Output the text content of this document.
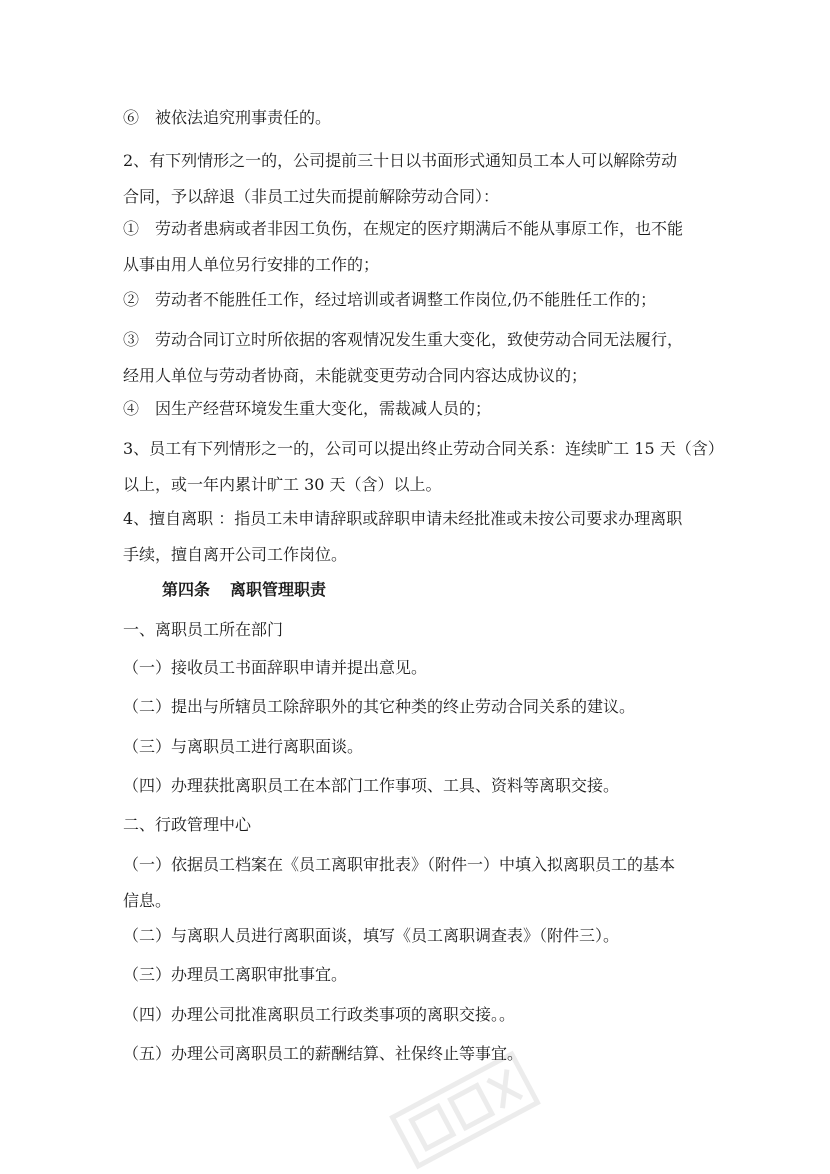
⑥　被依法追究刑事责任的。

2、有下列情形之一的，公司提前三十日以书面形式通知员工本人可以解除劳动
合同，予以辞退（非员工过失而提前解除劳动合同）：

①　劳动者患病或者非因工负伤，在规定的医疗期满后不能从事原工作，也不能
从事由用人单位另行安排的工作的；

②　劳动者不能胜任工作，经过培训或者调整工作岗位,仍不能胜任工作的；

③　劳动合同订立时所依据的客观情况发生重大变化，致使劳动合同无法履行，
经用人单位与劳动者协商，未能就变更劳动合同内容达成协议的；

④　因生产经营环境发生重大变化，需裁减人员的；

3、员工有下列情形之一的，公司可以提出终止劳动合同关系：连续旷工 15 天（含）
以上，或一年内累计旷工 30 天（含）以上。

4、擅自离职 ：指员工未申请辞职或辞职申请未经批准或未按公司要求办理离职
手续，擅自离开公司工作岗位。

第四条 离职管理职责

一、离职员工所在部门

（一）接收员工书面辞职申请并提出意见。

（二）提出与所辖员工除辞职外的其它种类的终止劳动合同关系的建议。

（三）与离职员工进行离职面谈。

（四）办理获批离职员工在本部门工作事项、工具、资料等离职交接。

二、行政管理中心

（一）依据员工档案在《员工离职审批表》（附件一）中填入拟离职员工的基本
信息。

（二）与离职人员进行离职面谈，填写《员工离职调查表》（附件三）。

（三）办理员工离职审批事宜。

（四）办理公司批准离职员工行政类事项的离职交接。。

（五）办理公司离职员工的薪酬结算、社保终止等事宜。
